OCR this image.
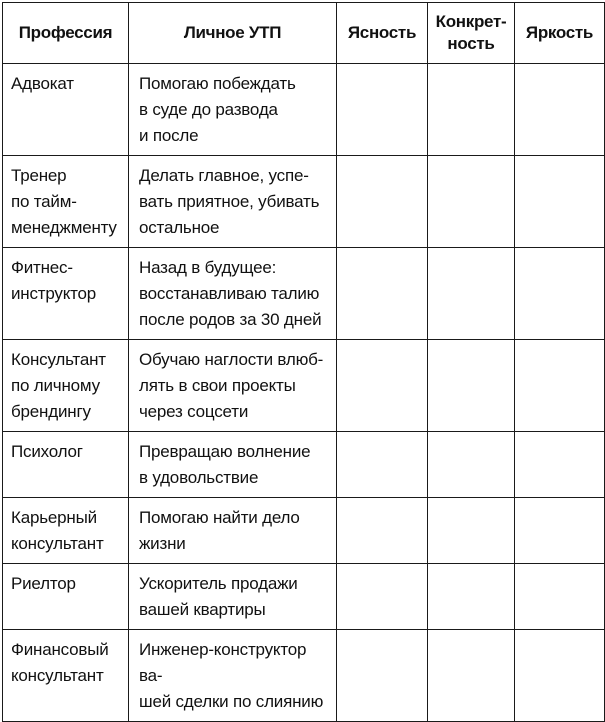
Профессия	Личное УТП	Ясность	Конкрет-
ность	Яркость

Адвокат	Помогаю побеждать
в суде до развода
и после			

Тренер
по тайм-
менеджменту	Делать главное, успе-
вать приятное, убивать
остальное			

Фитнес-
инструктор	Назад в будущее:
восстанавливаю талию
после родов за 30 дней			

Консультант
по личному
брендингу	Обучаю наглости влюб-
лять в свои проекты
через соцсети			

Психолог	Превращаю волнение
в удовольствие			

Карьерный
консультант	Помогаю найти дело
жизни			

Риелтор	Ускоритель продажи
вашей квартиры			

Финансовый
консультант	Инженер-конструктор ва-
шей сделки по слиянию			
